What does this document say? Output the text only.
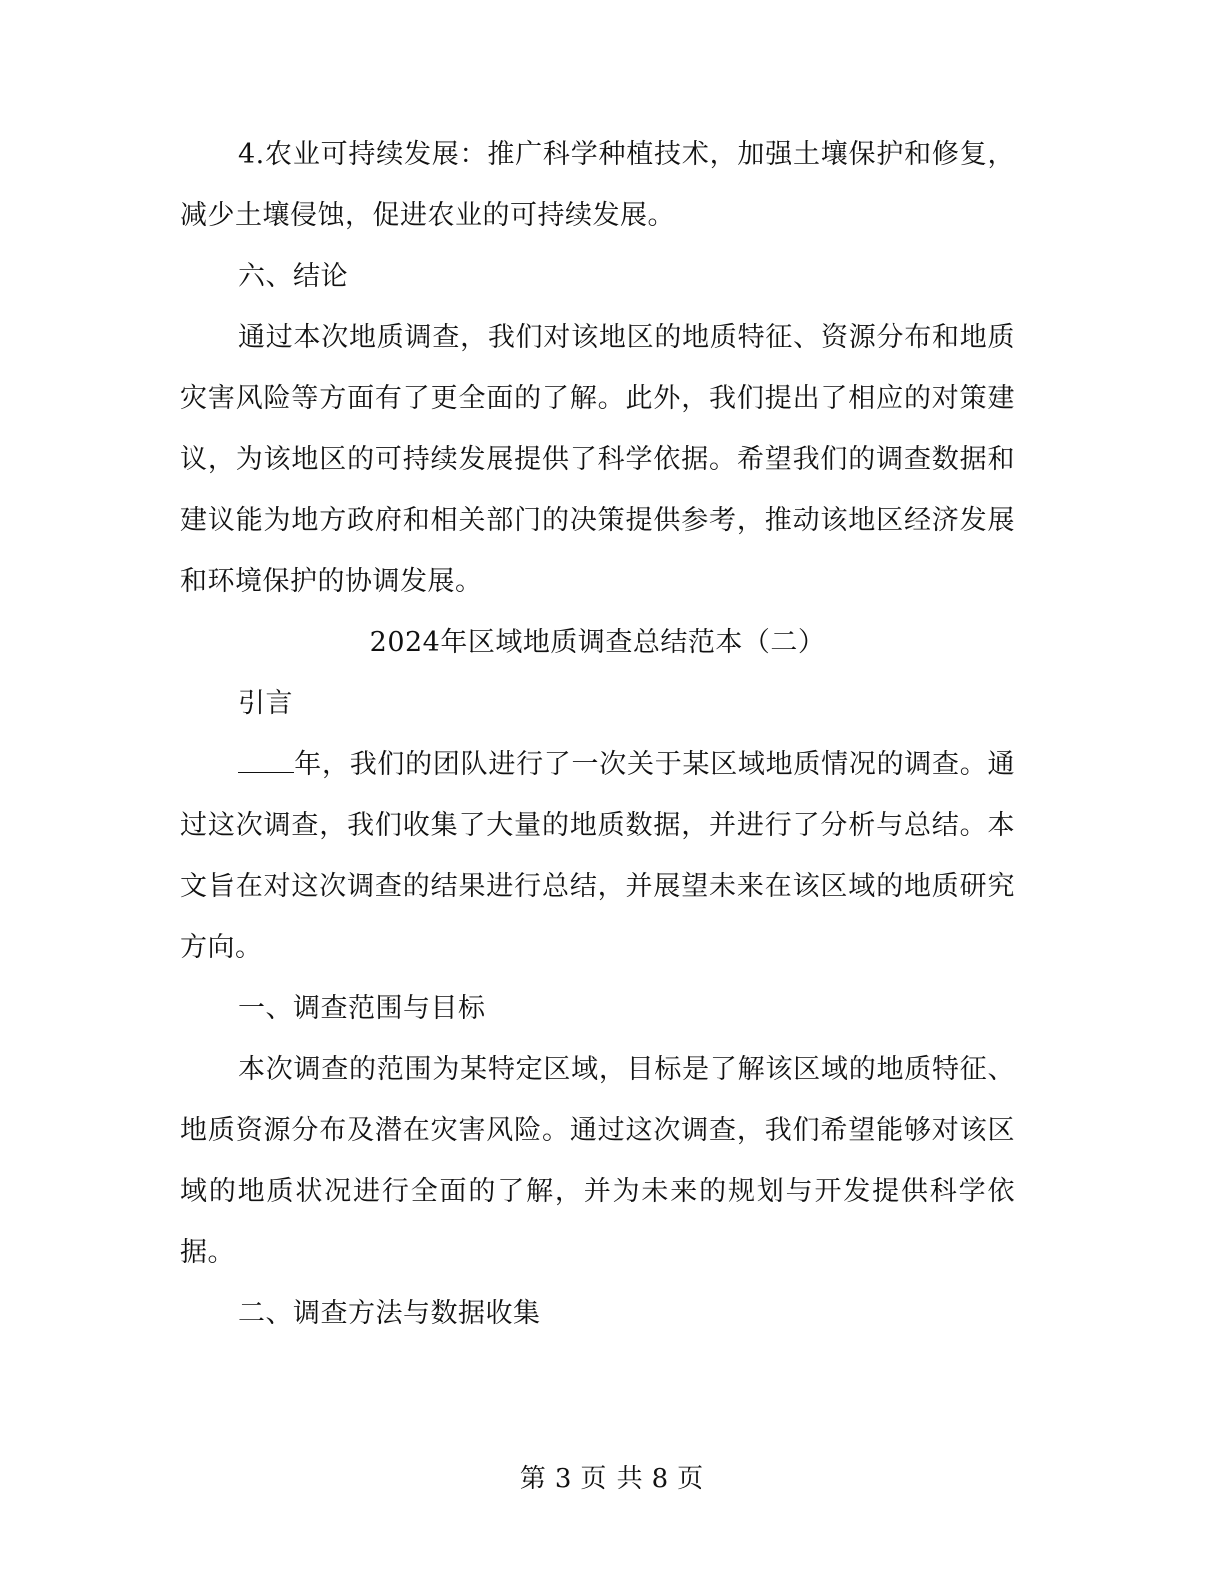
4.农业可持续发展：推广科学种植技术，加强土壤保护和修复，减少土壤侵蚀，促进农业的可持续发展。

六、结论

通过本次地质调查，我们对该地区的地质特征、资源分布和地质灾害风险等方面有了更全面的了解。此外，我们提出了相应的对策建议，为该地区的可持续发展提供了科学依据。希望我们的调查数据和建议能为地方政府和相关部门的决策提供参考，推动该地区经济发展和环境保护的协调发展。

2024年区域地质调查总结范本（二）

引言

年，我们的团队进行了一次关于某区域地质情况的调查。通过这次调查，我们收集了大量的地质数据，并进行了分析与总结。本文旨在对这次调查的结果进行总结，并展望未来在该区域的地质研究方向。

一、调查范围与目标

本次调查的范围为某特定区域，目标是了解该区域的地质特征、地质资源分布及潜在灾害风险。通过这次调查，我们希望能够对该区域的地质状况进行全面的了解，并为未来的规划与开发提供科学依据。

二、调查方法与数据收集

第 3 页 共 8 页
